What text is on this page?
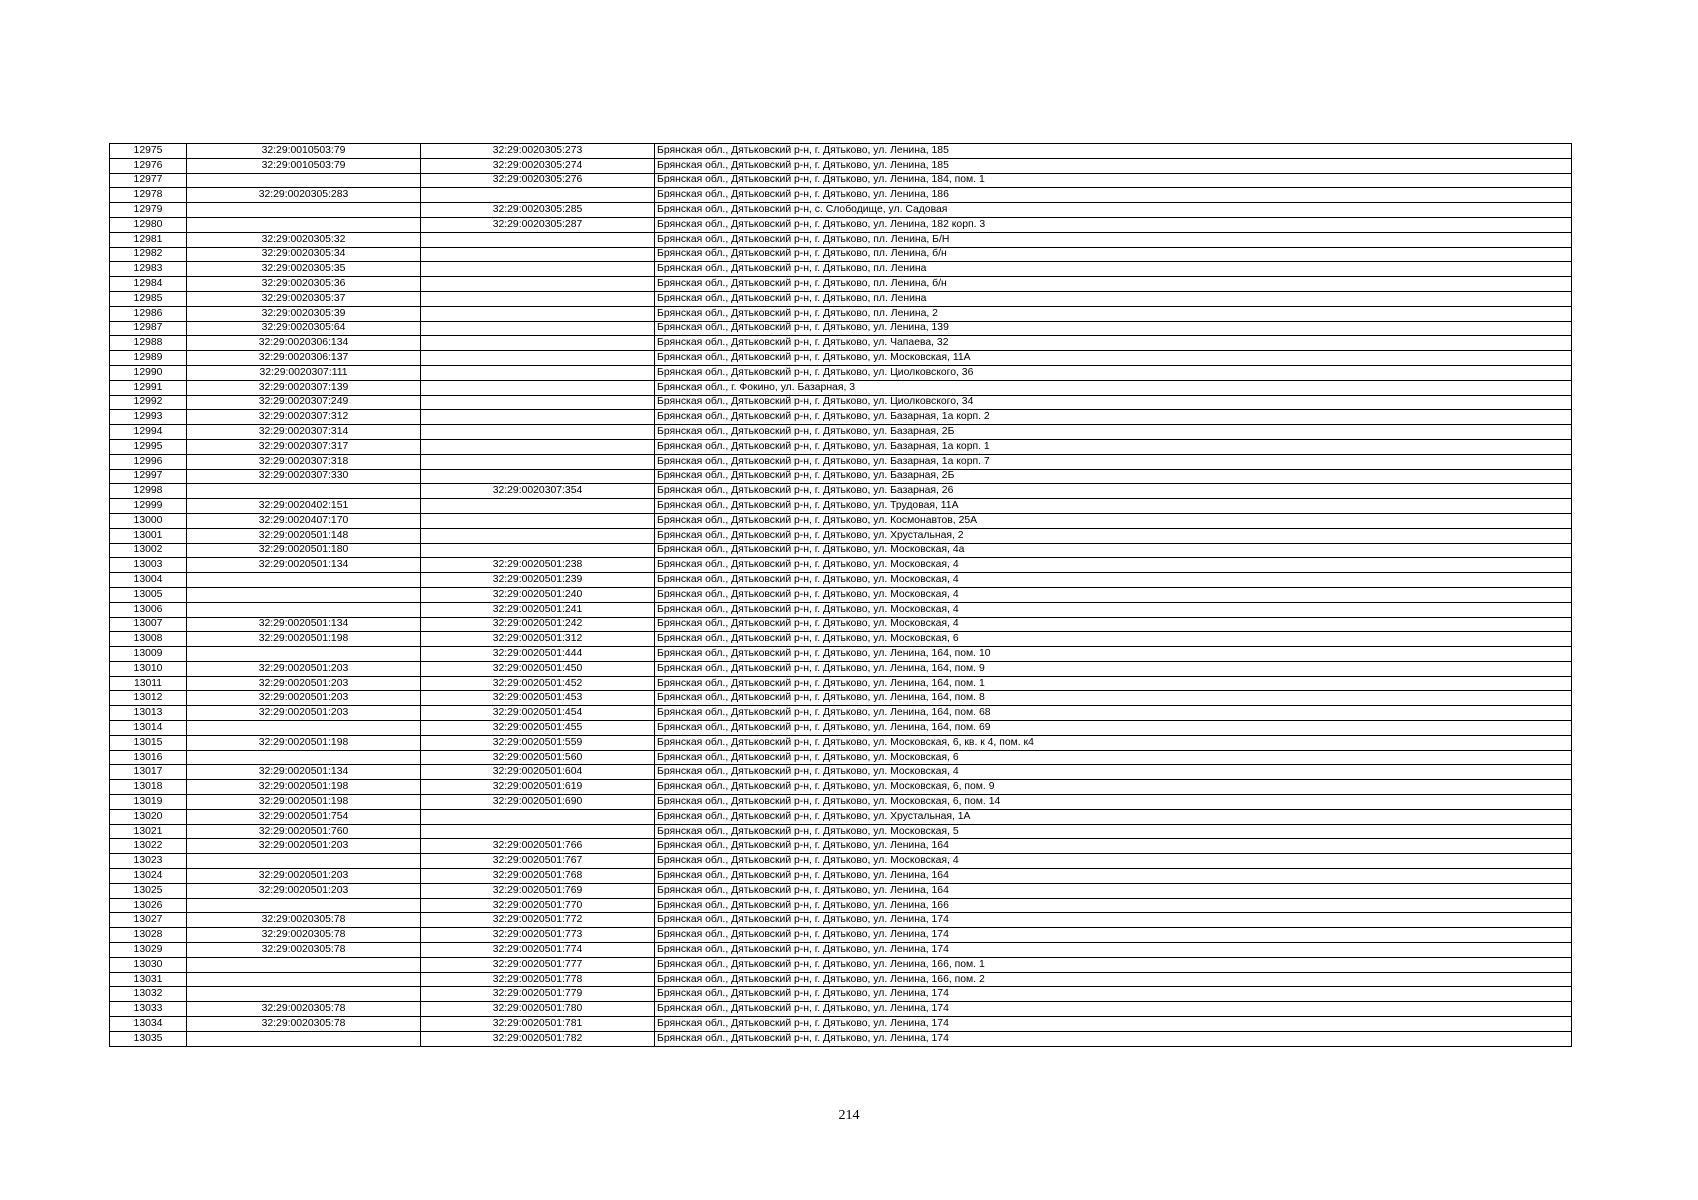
12975	32:29:0010503:79	32:29:0020305:273	Брянская обл., Дятьковский р-н, г. Дятьково, ул. Ленина, 185
12976	32:29:0010503:79	32:29:0020305:274	Брянская обл., Дятьковский р-н, г. Дятьково, ул. Ленина, 185
12977		32:29:0020305:276	Брянская обл., Дятьковский р-н, г. Дятьково, ул. Ленина, 184, пом. 1
12978	32:29:0020305:283		Брянская обл., Дятьковский р-н, г. Дятьково, ул. Ленина, 186
12979		32:29:0020305:285	Брянская обл., Дятьковский р-н, с. Слободище, ул. Садовая
12980		32:29:0020305:287	Брянская обл., Дятьковский р-н, г. Дятьково, ул. Ленина, 182 корп. 3
12981	32:29:0020305:32		Брянская обл., Дятьковский р-н, г. Дятьково, пл. Ленина, Б/Н
12982	32:29:0020305:34		Брянская обл., Дятьковский р-н, г. Дятьково, пл. Ленина, б/н
12983	32:29:0020305:35		Брянская обл., Дятьковский р-н, г. Дятьково, пл. Ленина
12984	32:29:0020305:36		Брянская обл., Дятьковский р-н, г. Дятьково, пл. Ленина, б/н
12985	32:29:0020305:37		Брянская обл., Дятьковский р-н, г. Дятьково, пл. Ленина
12986	32:29:0020305:39		Брянская обл., Дятьковский р-н, г. Дятьково, пл. Ленина, 2
12987	32:29:0020305:64		Брянская обл., Дятьковский р-н, г. Дятьково, ул. Ленина, 139
12988	32:29:0020306:134		Брянская обл., Дятьковский р-н, г. Дятьково, ул. Чапаева, 32
12989	32:29:0020306:137		Брянская обл., Дятьковский р-н, г. Дятьково, ул. Московская, 11А
12990	32:29:0020307:111		Брянская обл., Дятьковский р-н, г. Дятьково, ул. Циолковского, 36
12991	32:29:0020307:139		Брянская обл., г. Фокино, ул. Базарная, 3
12992	32:29:0020307:249		Брянская обл., Дятьковский р-н, г. Дятьково, ул. Циолковского, 34
12993	32:29:0020307:312		Брянская обл., Дятьковский р-н, г. Дятьково, ул. Базарная, 1а корп. 2
12994	32:29:0020307:314		Брянская обл., Дятьковский р-н, г. Дятьково, ул. Базарная, 2Б
12995	32:29:0020307:317		Брянская обл., Дятьковский р-н, г. Дятьково, ул. Базарная, 1а корп. 1
12996	32:29:0020307:318		Брянская обл., Дятьковский р-н, г. Дятьково, ул. Базарная, 1а корп. 7
12997	32:29:0020307:330		Брянская обл., Дятьковский р-н, г. Дятьково, ул. Базарная, 2Б
12998		32:29:0020307:354	Брянская обл., Дятьковский р-н, г. Дятьково, ул. Базарная, 26
12999	32:29:0020402:151		Брянская обл., Дятьковский р-н, г. Дятьково, ул. Трудовая, 11А
13000	32:29:0020407:170		Брянская обл., Дятьковский р-н, г. Дятьково, ул. Космонавтов, 25А
13001	32:29:0020501:148		Брянская обл., Дятьковский р-н, г. Дятьково, ул. Хрустальная, 2
13002	32:29:0020501:180		Брянская обл., Дятьковский р-н, г. Дятьково, ул. Московская, 4а
13003	32:29:0020501:134	32:29:0020501:238	Брянская обл., Дятьковский р-н, г. Дятьково, ул. Московская, 4
13004		32:29:0020501:239	Брянская обл., Дятьковский р-н, г. Дятьково, ул. Московская, 4
13005		32:29:0020501:240	Брянская обл., Дятьковский р-н, г. Дятьково, ул. Московская, 4
13006		32:29:0020501:241	Брянская обл., Дятьковский р-н, г. Дятьково, ул. Московская, 4
13007	32:29:0020501:134	32:29:0020501:242	Брянская обл., Дятьковский р-н, г. Дятьково, ул. Московская, 4
13008	32:29:0020501:198	32:29:0020501:312	Брянская обл., Дятьковский р-н, г. Дятьково, ул. Московская, 6
13009		32:29:0020501:444	Брянская обл., Дятьковский р-н, г. Дятьково, ул. Ленина, 164, пом. 10
13010	32:29:0020501:203	32:29:0020501:450	Брянская обл., Дятьковский р-н, г. Дятьково, ул. Ленина, 164, пом. 9
13011	32:29:0020501:203	32:29:0020501:452	Брянская обл., Дятьковский р-н, г. Дятьково, ул. Ленина, 164, пом. 1
13012	32:29:0020501:203	32:29:0020501:453	Брянская обл., Дятьковский р-н, г. Дятьково, ул. Ленина, 164, пом. 8
13013	32:29:0020501:203	32:29:0020501:454	Брянская обл., Дятьковский р-н, г. Дятьково, ул. Ленина, 164, пом. 68
13014		32:29:0020501:455	Брянская обл., Дятьковский р-н, г. Дятьково, ул. Ленина, 164, пом. 69
13015	32:29:0020501:198	32:29:0020501:559	Брянская обл., Дятьковский р-н, г. Дятьково, ул. Московская, 6, кв. к 4, пом. к4
13016		32:29:0020501:560	Брянская обл., Дятьковский р-н, г. Дятьково, ул. Московская, 6
13017	32:29:0020501:134	32:29:0020501:604	Брянская обл., Дятьковский р-н, г. Дятьково, ул. Московская, 4
13018	32:29:0020501:198	32:29:0020501:619	Брянская обл., Дятьковский р-н, г. Дятьково, ул. Московская, 6, пом. 9
13019	32:29:0020501:198	32:29:0020501:690	Брянская обл., Дятьковский р-н, г. Дятьково, ул. Московская, 6, пом. 14
13020	32:29:0020501:754		Брянская обл., Дятьковский р-н, г. Дятьково, ул. Хрустальная, 1А
13021	32:29:0020501:760		Брянская обл., Дятьковский р-н, г. Дятьково, ул. Московская, 5
13022	32:29:0020501:203	32:29:0020501:766	Брянская обл., Дятьковский р-н, г. Дятьково, ул. Ленина, 164
13023		32:29:0020501:767	Брянская обл., Дятьковский р-н, г. Дятьково, ул. Московская, 4
13024	32:29:0020501:203	32:29:0020501:768	Брянская обл., Дятьковский р-н, г. Дятьково, ул. Ленина, 164
13025	32:29:0020501:203	32:29:0020501:769	Брянская обл., Дятьковский р-н, г. Дятьково, ул. Ленина, 164
13026		32:29:0020501:770	Брянская обл., Дятьковский р-н, г. Дятьково, ул. Ленина, 166
13027	32:29:0020305:78	32:29:0020501:772	Брянская обл., Дятьковский р-н, г. Дятьково, ул. Ленина, 174
13028	32:29:0020305:78	32:29:0020501:773	Брянская обл., Дятьковский р-н, г. Дятьково, ул. Ленина, 174
13029	32:29:0020305:78	32:29:0020501:774	Брянская обл., Дятьковский р-н, г. Дятьково, ул. Ленина, 174
13030		32:29:0020501:777	Брянская обл., Дятьковский р-н, г. Дятьково, ул. Ленина, 166, пом. 1
13031		32:29:0020501:778	Брянская обл., Дятьковский р-н, г. Дятьково, ул. Ленина, 166, пом. 2
13032		32:29:0020501:779	Брянская обл., Дятьковский р-н, г. Дятьково, ул. Ленина, 174
13033	32:29:0020305:78	32:29:0020501:780	Брянская обл., Дятьковский р-н, г. Дятьково, ул. Ленина, 174
13034	32:29:0020305:78	32:29:0020501:781	Брянская обл., Дятьковский р-н, г. Дятьково, ул. Ленина, 174
13035		32:29:0020501:782	Брянская обл., Дятьковский р-н, г. Дятьково, ул. Ленина, 174
214
